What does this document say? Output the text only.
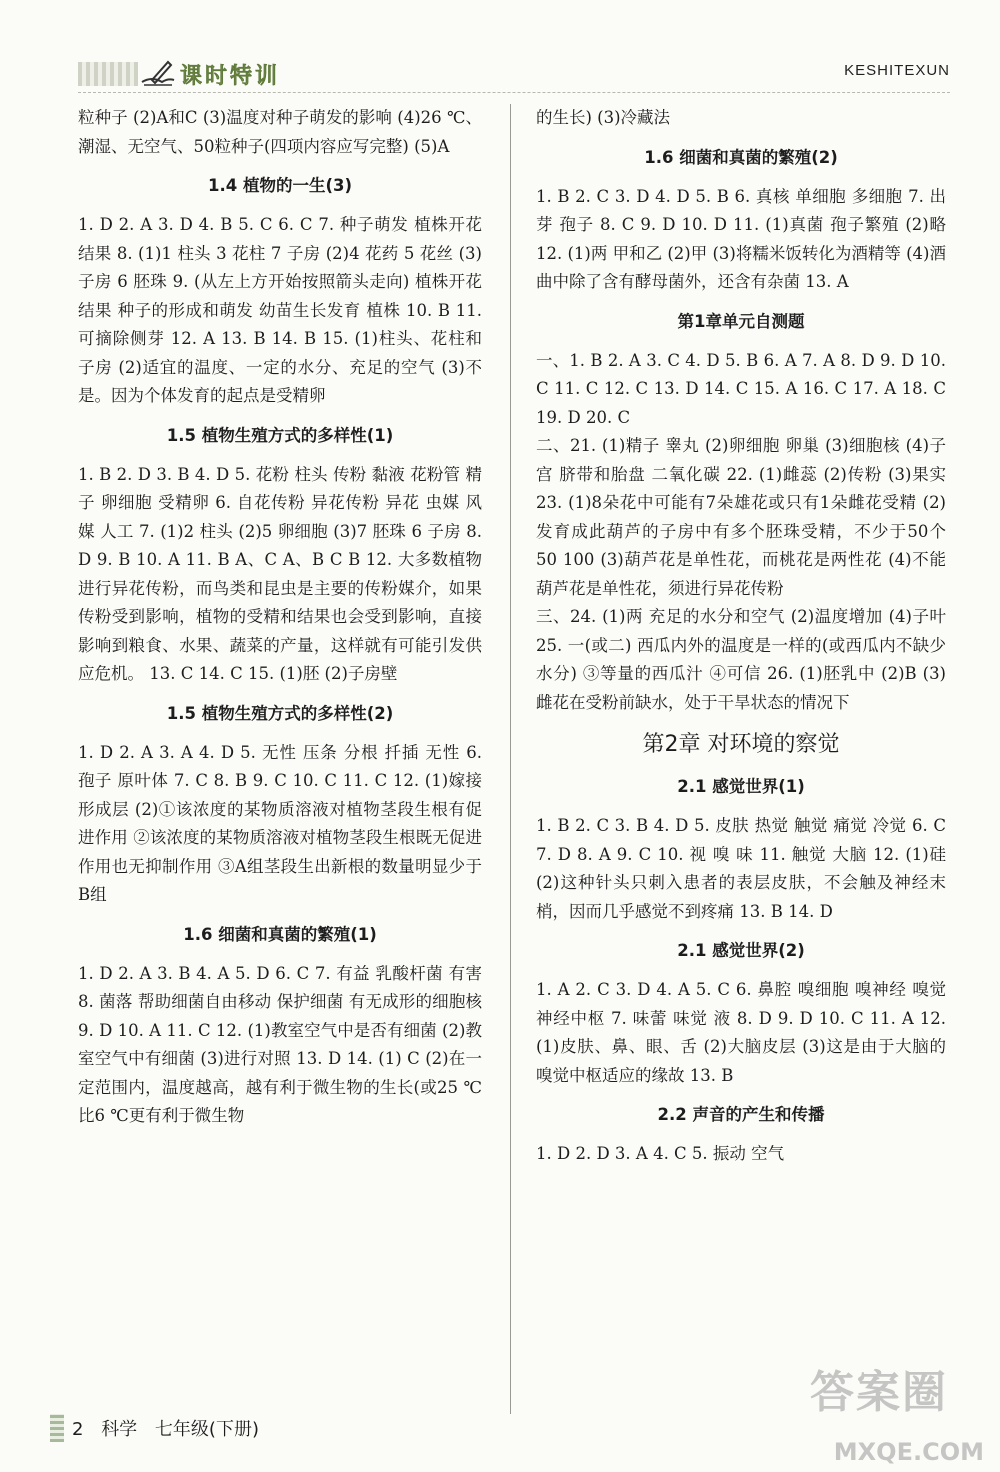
课时特训	KESHITEXUN
粒种子 (2)A和C (3)温度对种子萌发的影响 (4)26 ℃、潮湿、无空气、50粒种子(四项内容应写完整) (5)A
1.4 植物的一生(3)
1. D 2. A 3. D 4. B 5. C 6. C 7. 种子萌发 植株开花结果 8. (1)1 柱头 3 花柱 7 子房 (2)4 花药 5 花丝 (3)子房 6 胚珠 9. (从左上方开始按照箭头走向) 植株开花结果 种子的形成和萌发 幼苗生长发育 植株 10. B 11. 可摘除侧芽 12. A 13. B 14. B 15. (1)柱头、花柱和子房 (2)适宜的温度、一定的水分、充足的空气 (3)不是。因为个体发育的起点是受精卵
1.5 植物生殖方式的多样性(1)
1. B 2. D 3. B 4. D 5. 花粉 柱头 传粉 黏液 花粉管 精子 卵细胞 受精卵 6. 自花传粉 异花传粉 异花 虫媒 风媒 人工 7. (1)2 柱头 (2)5 卵细胞 (3)7 胚珠 6 子房 8. D 9. B 10. A 11. B A、C A、B C B 12. 大多数植物进行异花传粉，而鸟类和昆虫是主要的传粉媒介，如果传粉受到影响，植物的受精和结果也会受到影响，直接影响到粮食、水果、蔬菜的产量，这样就有可能引发供应危机。 13. C 14. C 15. (1)胚 (2)子房壁
1.5 植物生殖方式的多样性(2)
1. D 2. A 3. A 4. D 5. 无性 压条 分根 扦插 无性 6. 孢子 原叶体 7. C 8. B 9. C 10. C 11. C 12. (1)嫁接 形成层 (2)①该浓度的某物质溶液对植物茎段生根有促进作用 ②该浓度的某物质溶液对植物茎段生根既无促进作用也无抑制作用 ③A组茎段生出新根的数量明显少于B组
1.6 细菌和真菌的繁殖(1)
1. D 2. A 3. B 4. A 5. D 6. C 7. 有益 乳酸杆菌 有害 8. 菌落 帮助细菌自由移动 保护细菌 有无成形的细胞核 9. D 10. A 11. C 12. (1)教室空气中是否有细菌 (2)教室空气中有细菌 (3)进行对照 13. D 14. (1) C (2)在一定范围内，温度越高，越有利于微生物的生长(或25 ℃比6 ℃更有利于微生物
的生长) (3)冷藏法
1.6 细菌和真菌的繁殖(2)
1. B 2. C 3. D 4. D 5. B 6. 真核 单细胞 多细胞 7. 出芽 孢子 8. C 9. D 10. D 11. (1)真菌 孢子繁殖 (2)略 12. (1)两 甲和乙 (2)甲 (3)将糯米饭转化为酒精等 (4)酒曲中除了含有酵母菌外，还含有杂菌 13. A
第1章单元自测题
一、1. B 2. A 3. C 4. D 5. B 6. A 7. A 8. D 9. D 10. C 11. C 12. C 13. D 14. C 15. A 16. C 17. A 18. C 19. D 20. C
二、21. (1)精子 睾丸 (2)卵细胞 卵巢 (3)细胞核 (4)子宫 脐带和胎盘 二氧化碳 22. (1)雌蕊 (2)传粉 (3)果实 23. (1)8朵花中可能有7朵雄花或只有1朵雌花受精 (2)发育成此葫芦的子房中有多个胚珠受精，不少于50个 50 100 (3)葫芦花是单性花，而桃花是两性花 (4)不能 葫芦花是单性花，须进行异花传粉
三、24. (1)两 充足的水分和空气 (2)温度增加 (4)子叶 25. 一(或二) 西瓜内外的温度是一样的(或西瓜内不缺少水分) ③等量的西瓜汁 ④可信 26. (1)胚乳中 (2)B (3)雌花在受粉前缺水，处于干旱状态的情况下
第2章 对环境的察觉
2.1 感觉世界(1)
1. B 2. C 3. B 4. D 5. 皮肤 热觉 触觉 痛觉 冷觉 6. C 7. D 8. A 9. C 10. 视 嗅 味 11. 触觉 大脑 12. (1)硅 (2)这种针头只刺入患者的表层皮肤，不会触及神经末梢，因而几乎感觉不到疼痛 13. B 14. D
2.1 感觉世界(2)
1. A 2. C 3. D 4. A 5. C 6. 鼻腔 嗅细胞 嗅神经 嗅觉神经中枢 7. 味蕾 味觉 液 8. D 9. D 10. C 11. A 12. (1)皮肤、鼻、眼、舌 (2)大脑皮层 (3)这是由于大脑的嗅觉中枢适应的缘故 13. B
2.2 声音的产生和传播
1. D 2. D 3. A 4. C 5. 振动 空气
2 科学 七年级(下册)
答案圈
MXQE.COM
